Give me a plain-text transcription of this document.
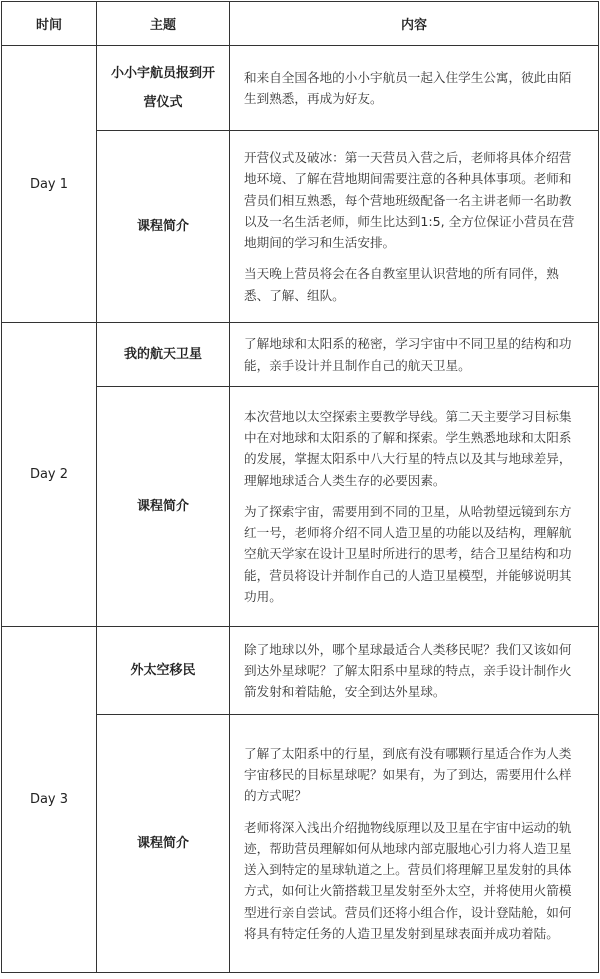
时间	主题	内容
Day 1	小小宇航员报到开营仪式	和来自全国各地的小小宇航员一起入住学生公寓，彼此由陌生到熟悉，再成为好友。

	课程简介	开营仪式及破冰：第一天营员入营之后，老师将具体介绍营地环境、了解在营地期间需要注意的各种具体事项。老师和营员们相互熟悉，每个营地班级配备一名主讲老师一名助教以及一名生活老师，师生比达到1:5, 全方位保证小营员在营地期间的学习和生活安排。

当天晚上营员将会在各自教室里认识营地的所有同伴，熟悉、了解、组队。

Day 2	我的航天卫星	了解地球和太阳系的秘密，学习宇宙中不同卫星的结构和功能，亲手设计并且制作自己的航天卫星。

	课程简介	本次营地以太空探索主要教学导线。第二天主要学习目标集中在对地球和太阳系的了解和探索。学生熟悉地球和太阳系的发展，掌握太阳系中八大行星的特点以及其与地球差异，理解地球适合人类生存的必要因素。

为了探索宇宙，需要用到不同的卫星，从哈勃望远镜到东方红一号，老师将介绍不同人造卫星的功能以及结构，理解航空航天学家在设计卫星时所进行的思考，结合卫星结构和功能，营员将设计并制作自己的人造卫星模型，并能够说明其功用。

Day 3	外太空移民	除了地球以外，哪个星球最适合人类移民呢？我们又该如何到达外星球呢？了解太阳系中星球的特点，亲手设计制作火箭发射和着陆舱，安全到达外星球。

	课程简介	了解了太阳系中的行星，到底有没有哪颗行星适合作为人类宇宙移民的目标星球呢？如果有，为了到达，需要用什么样的方式呢？

老师将深入浅出介绍抛物线原理以及卫星在宇宙中运动的轨迹，帮助营员理解如何从地球内部克服地心引力将人造卫星送入到特定的星球轨道之上。营员们将理解卫星发射的具体方式，如何让火箭搭载卫星发射至外太空，并将使用火箭模型进行亲自尝试。营员们还将小组合作，设计登陆舱，如何将具有特定任务的人造卫星发射到星球表面并成功着陆。
